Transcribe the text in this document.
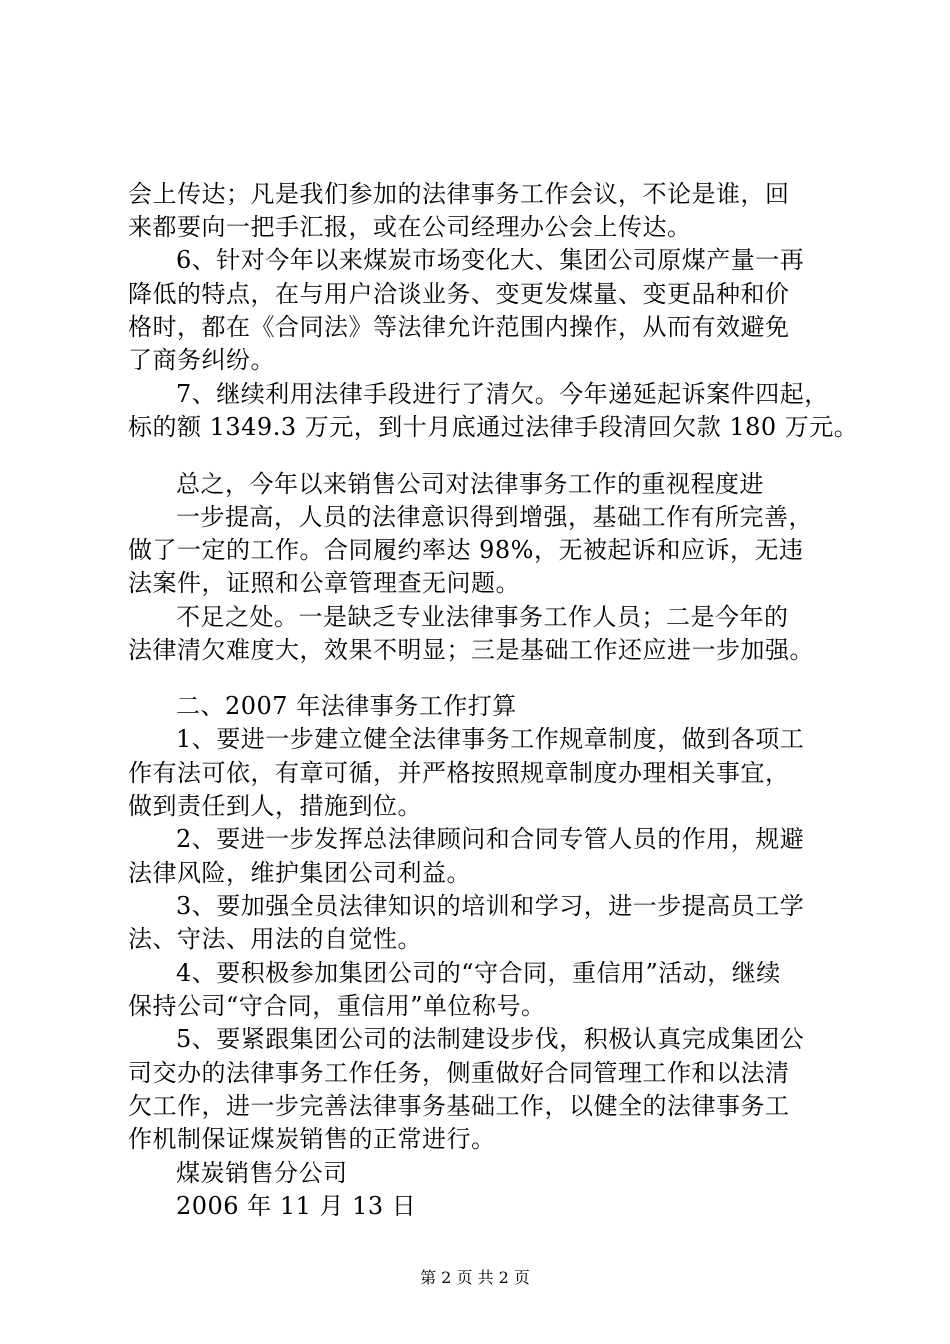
会上传达；凡是我们参加的法律事务工作会议，不论是谁，回
来都要向一把手汇报，或在公司经理办公会上传达。
6、针对今年以来煤炭市场变化大、集团公司原煤产量一再
降低的特点，在与用户洽谈业务、变更发煤量、变更品种和价
格时，都在《合同法》等法律允许范围内操作，从而有效避免
了商务纠纷。
7、继续利用法律手段进行了清欠。今年递延起诉案件四起，
标的额 1349.3 万元，到十月底通过法律手段清回欠款 180 万元。
总之，今年以来销售公司对法律事务工作的重视程度进
一步提高，人员的法律意识得到增强，基础工作有所完善，
做了一定的工作。合同履约率达 98%，无被起诉和应诉，无违
法案件，证照和公章管理查无问题。
不足之处。一是缺乏专业法律事务工作人员；二是今年的
法律清欠难度大，效果不明显；三是基础工作还应进一步加强。
二、2007 年法律事务工作打算
1、要进一步建立健全法律事务工作规章制度，做到各项工
作有法可依，有章可循，并严格按照规章制度办理相关事宜，
做到责任到人，措施到位。
2、要进一步发挥总法律顾问和合同专管人员的作用，规避
法律风险，维护集团公司利益。
3、要加强全员法律知识的培训和学习，进一步提高员工学
法、守法、用法的自觉性。
4、要积极参加集团公司的“守合同，重信用”活动，继续
保持公司“守合同，重信用”单位称号。
5、要紧跟集团公司的法制建设步伐，积极认真完成集团公
司交办的法律事务工作任务，侧重做好合同管理工作和以法清
欠工作，进一步完善法律事务基础工作，以健全的法律事务工
作机制保证煤炭销售的正常进行。
煤炭销售分公司
2006 年 11 月 13 日
第 2 页 共 2 页
